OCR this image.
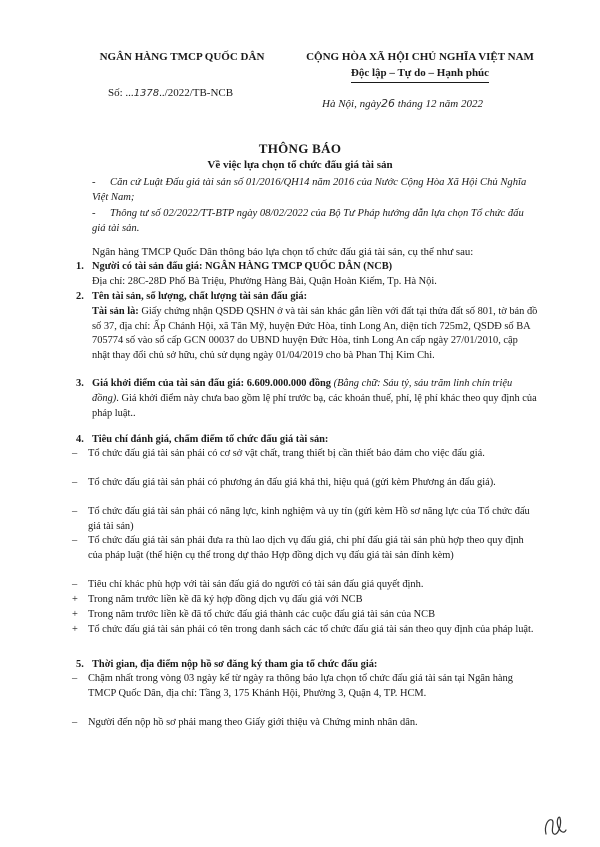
NGÂN HÀNG TMCP QUỐC DÂN
Số: ...1378../2022/TB-NCB
CỘNG HÒA XÃ HỘI CHỦ NGHĨA VIỆT NAM
Độc lập – Tự do – Hạnh phúc
Hà Nội, ngày26 tháng 12 năm 2022
THÔNG BÁO
Về việc lựa chọn tổ chức đấu giá tài sản
- Căn cứ Luật Đấu giá tài sản số 01/2016/QH14 năm 2016 của Nước Cộng Hòa Xã Hội Chủ Nghĩa Việt Nam;
- Thông tư số 02/2022/TT-BTP ngày 08/02/2022 của Bộ Tư Pháp hướng dẫn lựa chọn Tổ chức đấu giá tài sản.
Ngân hàng TMCP Quốc Dân thông báo lựa chọn tổ chức đấu giá tài sản, cụ thể như sau:
1. Người có tài sản đấu giá: NGÂN HÀNG TMCP QUỐC DÂN (NCB)
Địa chỉ: 28C-28D Phố Bà Triệu, Phường Hàng Bài, Quận Hoàn Kiếm, Tp. Hà Nội.
2. Tên tài sản, số lượng, chất lượng tài sản đấu giá:
Tài sản là: Giấy chứng nhận QSDĐ QSHN ở và tài sản khác gắn liền với đất tại thửa đất số 801, tờ bản đồ số 37, địa chỉ: Ấp Chánh Hội, xã Tân Mỹ, huyện Đức Hòa, tỉnh Long An, diện tích 725m2, QSDĐ số BA 705774 số vào sổ cấp GCN 00037 do UBND huyện Đức Hòa, tỉnh Long An cấp ngày 27/01/2010, cập nhật thay đổi chủ sở hữu, chủ sử dụng ngày 01/04/2019 cho bà Phan Thị Kim Chi.
3. Giá khởi điểm của tài sản đấu giá: 6.609.000.000 đồng (Bằng chữ: Sáu tỷ, sáu trăm linh chín triệu đồng). Giá khởi điểm này chưa bao gồm lệ phí trước bạ, các khoản thuế, phí, lệ phí khác theo quy định của pháp luật..
4. Tiêu chí đánh giá, chấm điểm tổ chức đấu giá tài sản:
–	Tổ chức đấu giá tài sản phải có cơ sở vật chất, trang thiết bị cần thiết bảo đảm cho việc đấu giá.
–	Tổ chức đấu giá tài sản phải có phương án đấu giá khả thi, hiệu quả (gửi kèm Phương án đấu giá).
–	Tổ chức đấu giá tài sản phải có năng lực, kinh nghiệm và uy tín (gửi kèm Hồ sơ năng lực của Tổ chức đấu giá tài sản)
–	Tổ chức đấu giá tài sản phải đưa ra thù lao dịch vụ đấu giá, chi phí đấu giá tài sản phù hợp theo quy định của pháp luật (thể hiện cụ thể trong dự thảo Hợp đồng dịch vụ đấu giá tài sản đính kèm)
–	Tiêu chí khác phù hợp với tài sản đấu giá do người có tài sản đấu giá quyết định.
+ Trong năm trước liền kề đã ký hợp đồng dịch vụ đấu giá với NCB
+ Trong năm trước liền kề đã tổ chức đấu giá thành các cuộc đấu giá tài sản của NCB
+ Tổ chức đấu giá tài sản phải có tên trong danh sách các tổ chức đấu giá tài sản theo quy định của pháp luật.
5. Thời gian, địa điểm nộp hồ sơ đăng ký tham gia tổ chức đấu giá:
–	Chậm nhất trong vòng 03 ngày kể từ ngày ra thông báo lựa chọn tổ chức đấu giá tài sản tại Ngân hàng TMCP Quốc Dân, địa chỉ: Tầng 3, 175 Khánh Hội, Phường 3, Quận 4, TP. HCM.
–	Người đến nộp hồ sơ phải mang theo Giấy giới thiệu và Chứng minh nhân dân.
